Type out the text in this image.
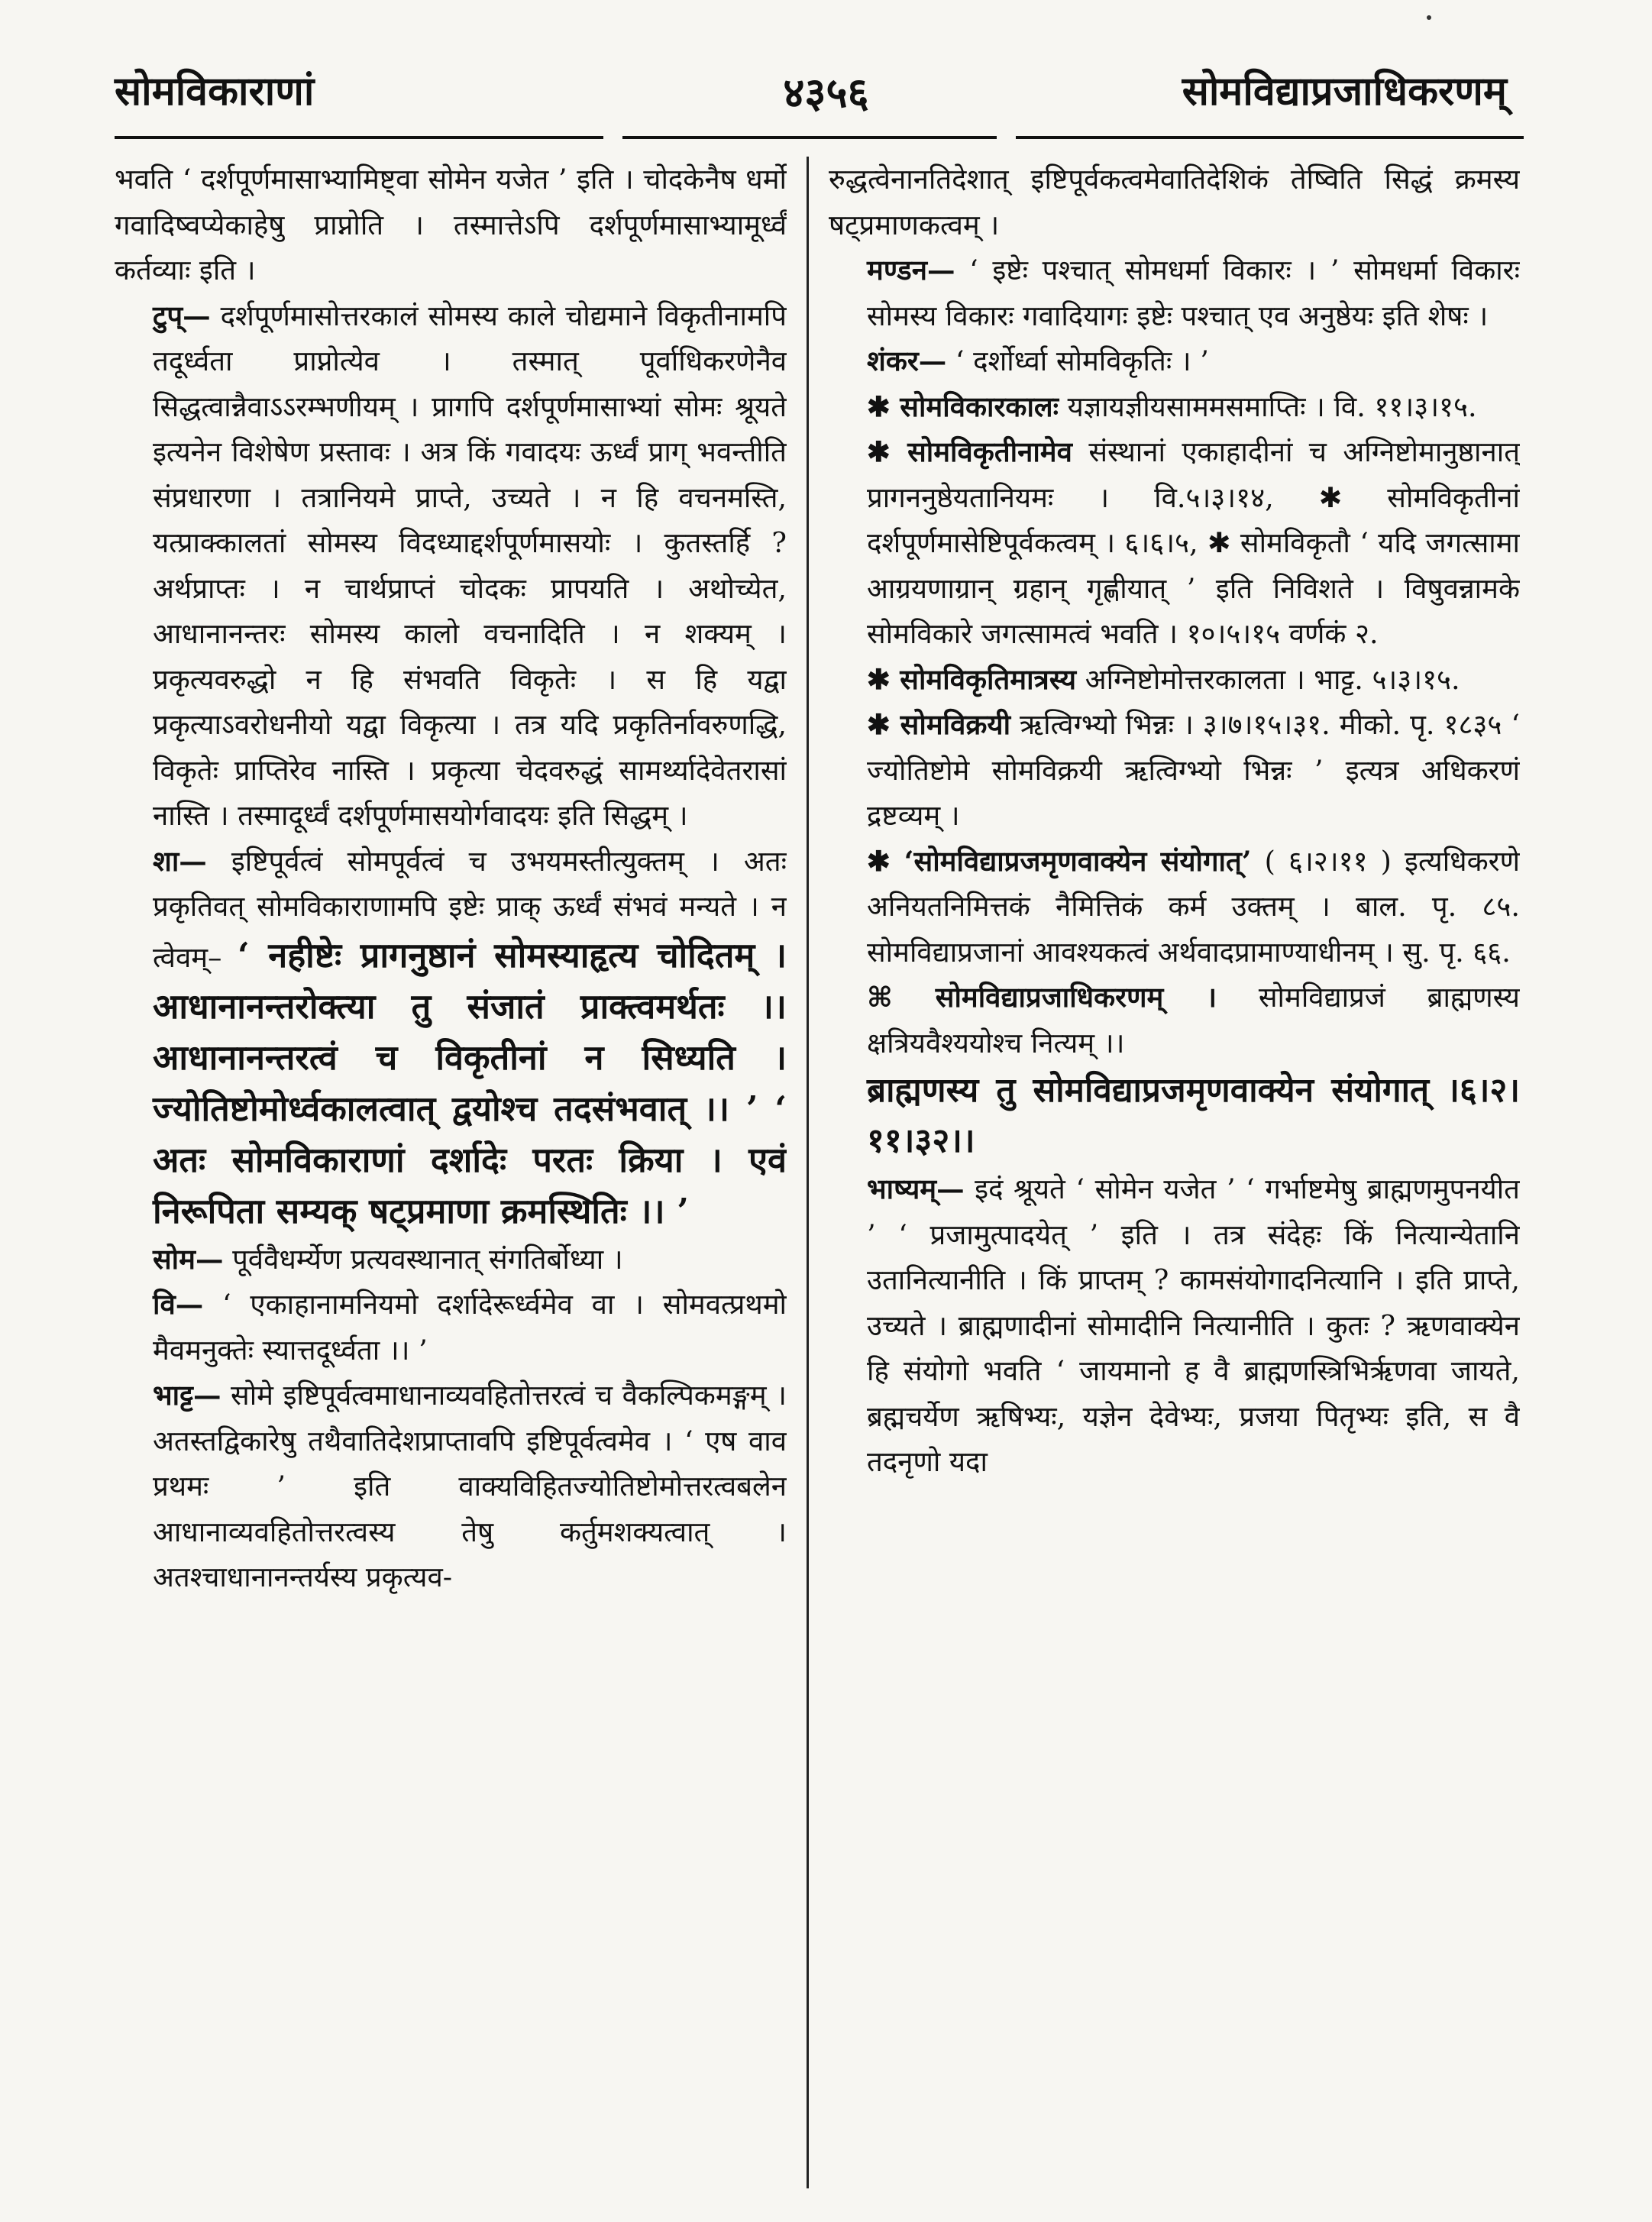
सोमविकाराणां	४३५६	सोमविद्याप्रजाधिकरणम्

भवति ‘ दर्शपूर्णमासाभ्यामिष्ट्वा सोमेन यजेत ’ इति । चोदकेनैष धर्मो गवादिष्वप्येकाहेषु प्राप्नोति । तस्मात्तेऽपि दर्शपूर्णमासाभ्यामूर्ध्वं कर्तव्याः इति ।

टुप्— दर्शपूर्णमासोत्तरकालं सोमस्य काले चोद्यमाने विकृतीनामपि तदूर्ध्वता प्राप्नोत्येव । तस्मात् पूर्वाधिकरणेनैव सिद्धत्वान्नैवाऽऽरम्भणीयम् । प्रागपि दर्शपूर्णमासाभ्यां सोमः श्रूयते इत्यनेन विशेषेण प्रस्तावः । अत्र किं गवादयः ऊर्ध्वं प्राग् भवन्तीति संप्रधारणा । तत्रानियमे प्राप्ते, उच्यते । न हि वचनमस्ति, यत्प्राक्कालतां सोमस्य विदध्याद्दर्शपूर्णमासयोः । कुतस्तर्हि ? अर्थप्राप्तः । न चार्थप्राप्तं चोदकः प्रापयति । अथोच्येत, आधानानन्तरः सोमस्य कालो वचनादिति । न शक्यम् । प्रकृत्यवरुद्धो न हि संभवति विकृतेः । स हि यद्वा प्रकृत्याऽवरोधनीयो यद्वा विकृत्या । तत्र यदि प्रकृतिर्नावरुणद्धि, विकृतेः प्राप्तिरेव नास्ति । प्रकृत्या चेदवरुद्धं सामर्थ्यादेवेतरासां नास्ति । तस्मादूर्ध्वं दर्शपूर्णमासयोर्गवादयः इति सिद्धम् ।

शा— इष्टिपूर्वत्वं सोमपूर्वत्वं च उभयमस्तीत्युक्तम् । अतः प्रकृतिवत् सोमविकाराणामपि इष्टेः प्राक् ऊर्ध्वं संभवं मन्यते । न त्वेवम्– ‘ नहीष्टेः प्रागनुष्ठानं सोमस्याहृत्य चोदितम् । आधानानन्तरोक्त्या तु संजातं प्राक्त्वमर्थतः ।। आधानानन्तरत्वं च विकृतीनां न सिध्यति । ज्योतिष्टोमोर्ध्वकालत्वात् द्वयोश्च तदसंभवात् ।। ’ ‘ अतः सोमविकाराणां दर्शादेः परतः क्रिया । एवं निरूपिता सम्यक् षट्प्रमाणा क्रमस्थितिः ।। ’

सोम— पूर्ववैधर्म्येण प्रत्यवस्थानात् संगतिर्बोध्या ।

वि— ‘ एकाहानामनियमो दर्शादेरूर्ध्वमेव वा । सोमवत्प्रथमो मैवमनुक्तेः स्यात्तदूर्ध्वता ।। ’

भाट्ट— सोमे इष्टिपूर्वत्वमाधानाव्यवहितोत्तरत्वं च वैकल्पिकमङ्गम् । अतस्तद्विकारेषु तथैवातिदेशप्राप्तावपि इष्टिपूर्वत्वमेव । ‘ एष वाव प्रथमः ’ इति वाक्यविहितज्योतिष्टोमोत्तरत्वबलेन आधानाव्यवहितोत्तरत्वस्य तेषु कर्तुमशक्यत्वात् । अतश्चाधानानन्तर्यस्य प्रकृत्यव-

रुद्धत्वेनानतिदेशात् इष्टिपूर्वकत्वमेवातिदेशिकं तेष्विति सिद्धं क्रमस्य षट्प्रमाणकत्वम् ।

मण्डन— ‘ इष्टेः पश्चात् सोमधर्मा विकारः । ’ सोमधर्मा विकारः सोमस्य विकारः गवादियागः इष्टेः पश्चात् एव अनुष्ठेयः इति शेषः ।

शंकर— ‘ दर्शोर्ध्वा सोमविकृतिः । ’

✱ सोमविकारकालः यज्ञायज्ञीयसाममसमाप्तिः । वि. ११।३।१५.

✱ सोमविकृतीनामेव संस्थानां एकाहादीनां च अग्निष्टोमानुष्ठानात् प्रागननुष्ठेयतानियमः । वि.५।३।१४, ✱ सोमविकृतीनां दर्शपूर्णमासेष्टिपूर्वकत्वम् । ६।६।५, ✱ सोमविकृतौ ‘ यदि जगत्सामा आग्रयणाग्रान् ग्रहान् गृह्णीयात् ’ इति निविशते । विषुवन्नामके सोमविकारे जगत्सामत्वं भवति । १०।५।१५ वर्णकं २.

✱ सोमविकृतिमात्रस्य अग्निष्टोमोत्तरकालता । भाट्ट. ५।३।१५.

✱ सोमविक्रयी ऋत्विग्भ्यो भिन्नः । ३।७।१५।३१. मीको. पृ. १८३५ ‘ ज्योतिष्टोमे सोमविक्रयी ऋत्विग्भ्यो भिन्नः ’ इत्यत्र अधिकरणं द्रष्टव्यम् ।

✱ ‘सोमविद्याप्रजमृणवाक्येन संयोगात्’ ( ६।२।११ ) इत्यधिकरणे अनियतनिमित्तकं नैमित्तिकं कर्म उक्तम् । बाल. पृ. ८५. सोमविद्याप्रजानां आवश्यकत्वं अर्थवादप्रामाण्याधीनम् । सु. पृ. ६६.

⌘ सोमविद्याप्रजाधिकरणम् । सोमविद्याप्रजं ब्राह्मणस्य क्षत्रियवैश्ययोश्च नित्यम् ।।

ब्राह्मणस्य तु सोमविद्याप्रजमृणवाक्येन संयोगात् ।६।२।११।३२।।

भाष्यम्— इदं श्रूयते ‘ सोमेन यजेत ’ ‘ गर्भाष्टमेषु ब्राह्मणमुपनयीत ’ ‘ प्रजामुत्पादयेत् ’ इति । तत्र संदेहः किं नित्यान्येतानि उतानित्यानीति । किं प्राप्तम् ? कामसंयोगादनित्यानि । इति प्राप्ते, उच्यते । ब्राह्मणादीनां सोमादीनि नित्यानीति । कुतः ? ऋणवाक्येन हि संयोगो भवति ‘ जायमानो ह वै ब्राह्मणस्त्रिभिर्ऋणवा जायते, ब्रह्मचर्येण ऋषिभ्यः, यज्ञेन देवेभ्यः, प्रजया पितृभ्यः इति, स वै तदनृणो यदा
